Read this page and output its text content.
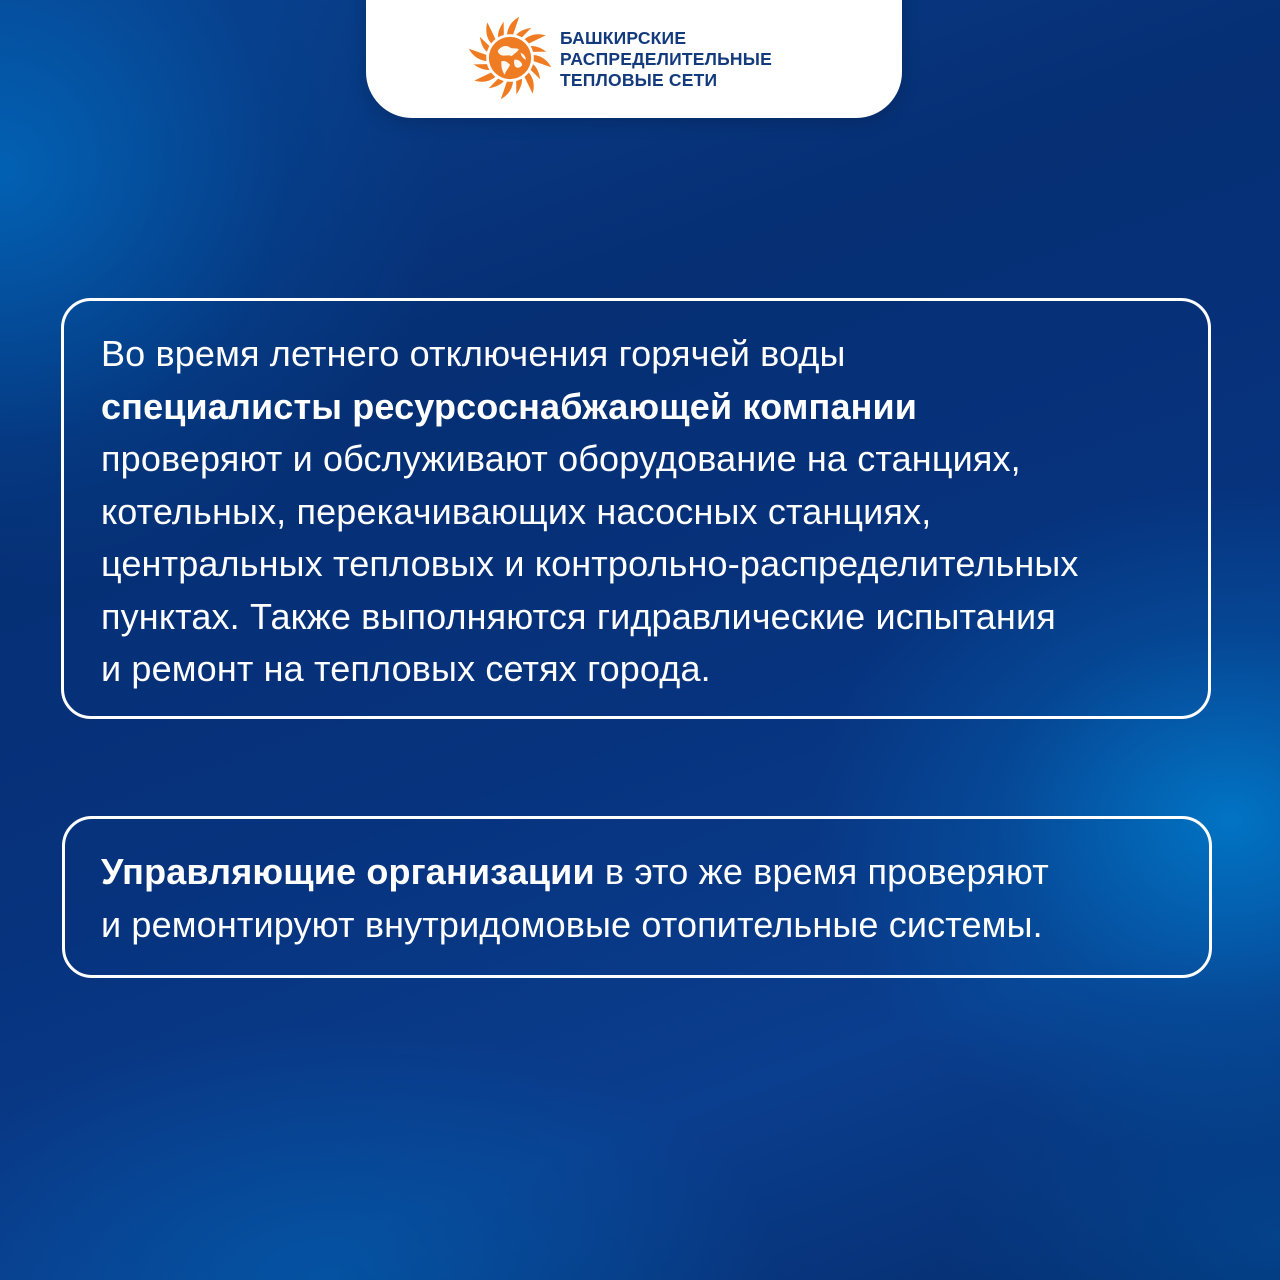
БАШКИРСКИЕ
РАСПРЕДЕЛИТЕЛЬНЫЕ
ТЕПЛОВЫЕ СЕТИ
Во время летнего отключения горячей воды
специалисты ресурсоснабжающей компании
проверяют и обслуживают оборудование на станциях,
котельных, перекачивающих насосных станциях,
центральных тепловых и контрольно-распределительных
пунктах. Также выполняются гидравлические испытания
и ремонт на тепловых сетях города.
Управляющие организации в это же время проверяют
и ремонтируют внутридомовые отопительные системы.
